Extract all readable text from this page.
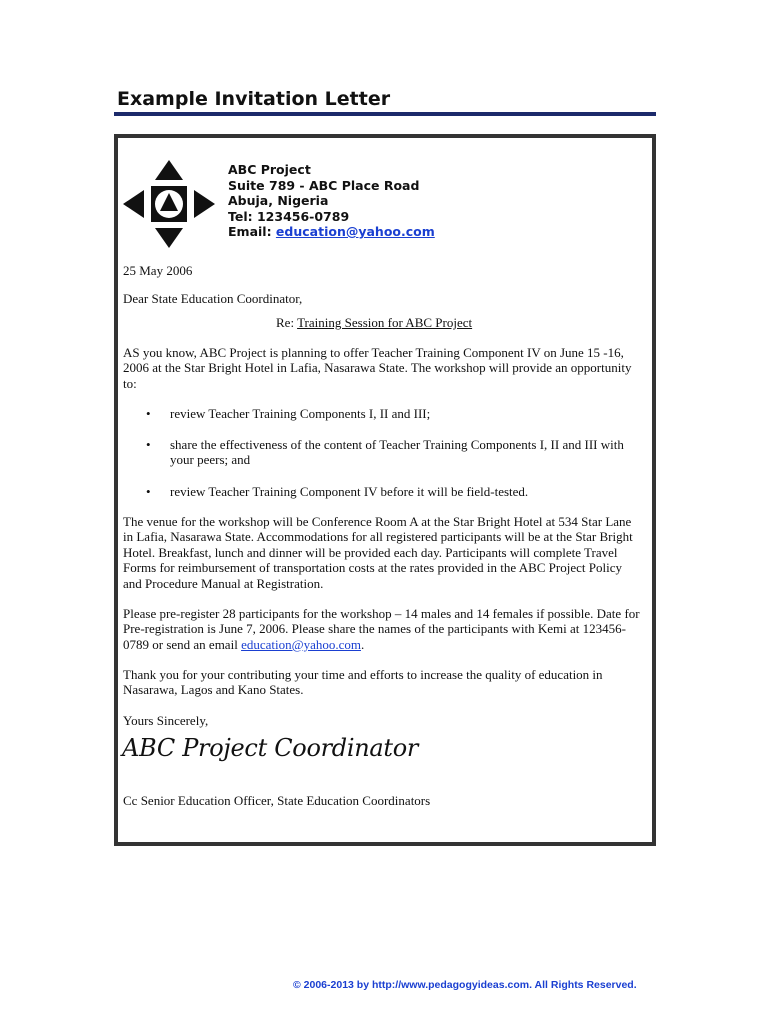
Example Invitation Letter
ABC Project
Suite 789 - ABC Place Road
Abuja, Nigeria
Tel: 123456-0789
Email: education@yahoo.com
25 May 2006
Dear State Education Coordinator,
Re: Training Session for ABC Project
AS you know, ABC Project is planning to offer Teacher Training Component IV on June 15 -16, 2006 at the Star Bright Hotel in Lafia, Nasarawa State. The workshop will provide an opportunity to:
• review Teacher Training Components I, II and III;
• share the effectiveness of the content of Teacher Training Components I, II and III with your peers; and
• review Teacher Training Component IV before it will be field-tested.
The venue for the workshop will be Conference Room A at the Star Bright Hotel at 534 Star Lane in Lafia, Nasarawa State. Accommodations for all registered participants will be at the Star Bright Hotel. Breakfast, lunch and dinner will be provided each day. Participants will complete Travel Forms for reimbursement of transportation costs at the rates provided in the ABC Project Policy and Procedure Manual at Registration.
Please pre-register 28 participants for the workshop – 14 males and 14 females if possible. Date for Pre-registration is June 7, 2006. Please share the names of the participants with Kemi at 123456-0789 or send an email education@yahoo.com.
Thank you for your contributing your time and efforts to increase the quality of education in Nasarawa, Lagos and Kano States.
Yours Sincerely,
ABC Project Coordinator
Cc Senior Education Officer, State Education Coordinators
© 2006-2013 by http://www.pedagogyideas.com. All Rights Reserved.
